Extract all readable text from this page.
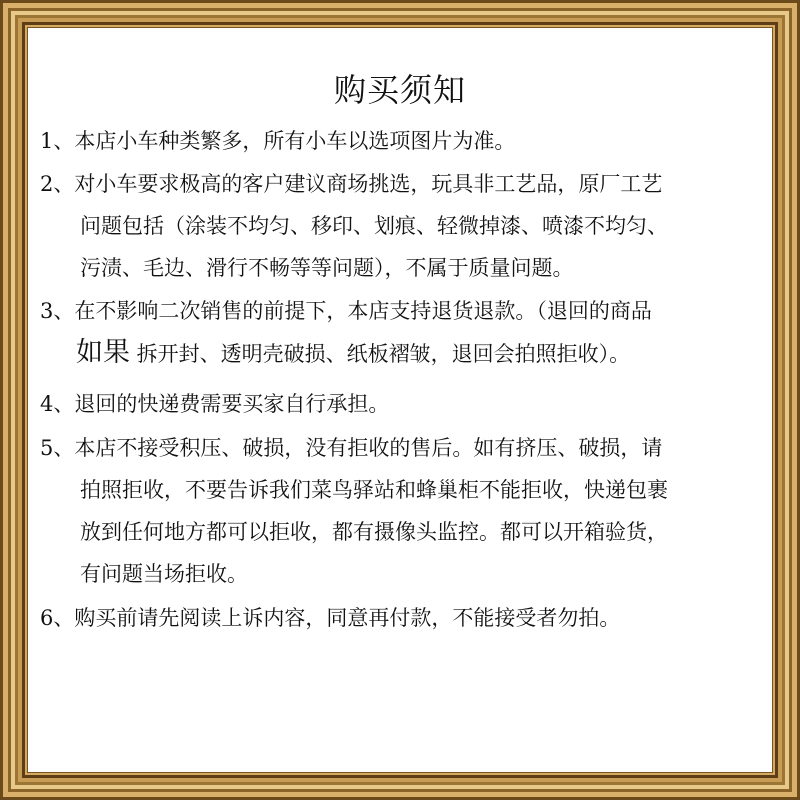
购买须知
1、本店小车种类繁多，所有小车以选项图片为准。
2、对小车要求极高的客户建议商场挑选，玩具非工艺品，原厂工艺
问题包括（涂装不均匀、移印、划痕、轻微掉漆、喷漆不均匀、
污渍、毛边、滑行不畅等等问题），不属于质量问题。
3、在不影响二次销售的前提下，本店支持退货退款。（退回的商品
如果 拆开封、透明壳破损、纸板褶皱，退回会拍照拒收）。
4、退回的快递费需要买家自行承担。
5、本店不接受积压、破损，没有拒收的售后。如有挤压、破损，请
拍照拒收，不要告诉我们菜鸟驿站和蜂巢柜不能拒收，快递包裹
放到任何地方都可以拒收，都有摄像头监控。都可以开箱验货，
有问题当场拒收。
6、购买前请先阅读上诉内容，同意再付款，不能接受者勿拍。
